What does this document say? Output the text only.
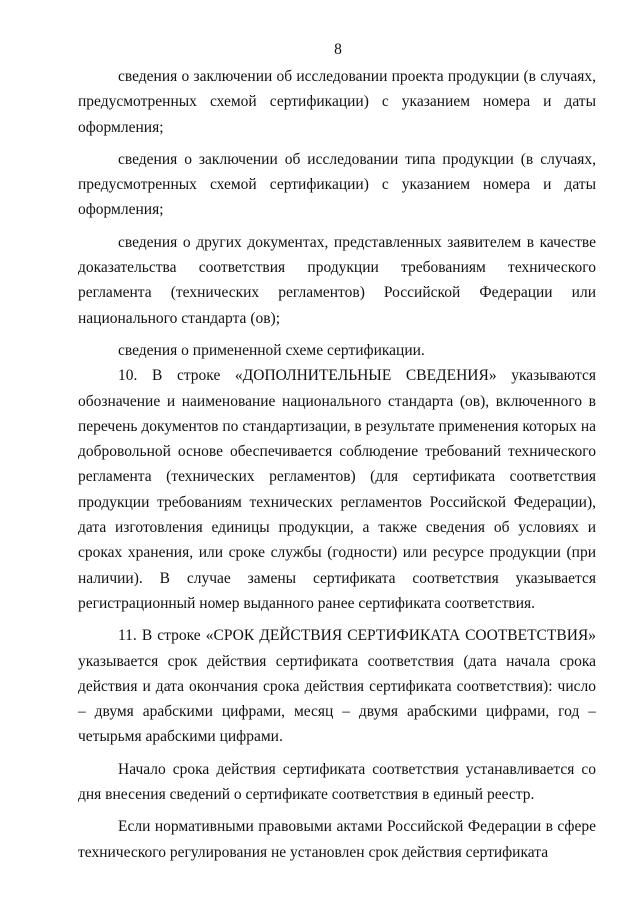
8

сведения о заключении об исследовании проекта продукции (в случаях, предусмотренных схемой сертификации) с указанием номера и даты оформления;

сведения о заключении об исследовании типа продукции (в случаях, предусмотренных схемой сертификации) с указанием номера и даты оформления;

сведения о других документах, представленных заявителем в качестве доказательства соответствия продукции требованиям технического регламента (технических регламентов) Российской Федерации или национального стандарта (ов);

сведения о примененной схеме сертификации.

10. В строке «ДОПОЛНИТЕЛЬНЫЕ СВЕДЕНИЯ» указываются обозначение и наименование национального стандарта (ов), включенного в перечень документов по стандартизации, в результате применения которых на добровольной основе обеспечивается соблюдение требований технического регламента (технических регламентов) (для сертификата соответствия продукции требованиям технических регламентов Российской Федерации), дата изготовления единицы продукции, а также сведения об условиях и сроках хранения, или сроке службы (годности) или ресурсе продукции (при наличии). В случае замены сертификата соответствия указывается регистрационный номер выданного ранее сертификата соответствия.

11. В строке «СРОК ДЕЙСТВИЯ СЕРТИФИКАТА СООТВЕТСТВИЯ» указывается срок действия сертификата соответствия (дата начала срока действия и дата окончания срока действия сертификата соответствия): число – двумя арабскими цифрами, месяц – двумя арабскими цифрами, год – четырьмя арабскими цифрами.

Начало срока действия сертификата соответствия устанавливается со дня внесения сведений о сертификате соответствия в единый реестр.

Если нормативными правовыми актами Российской Федерации в сфере технического регулирования не установлен срок действия сертификата
